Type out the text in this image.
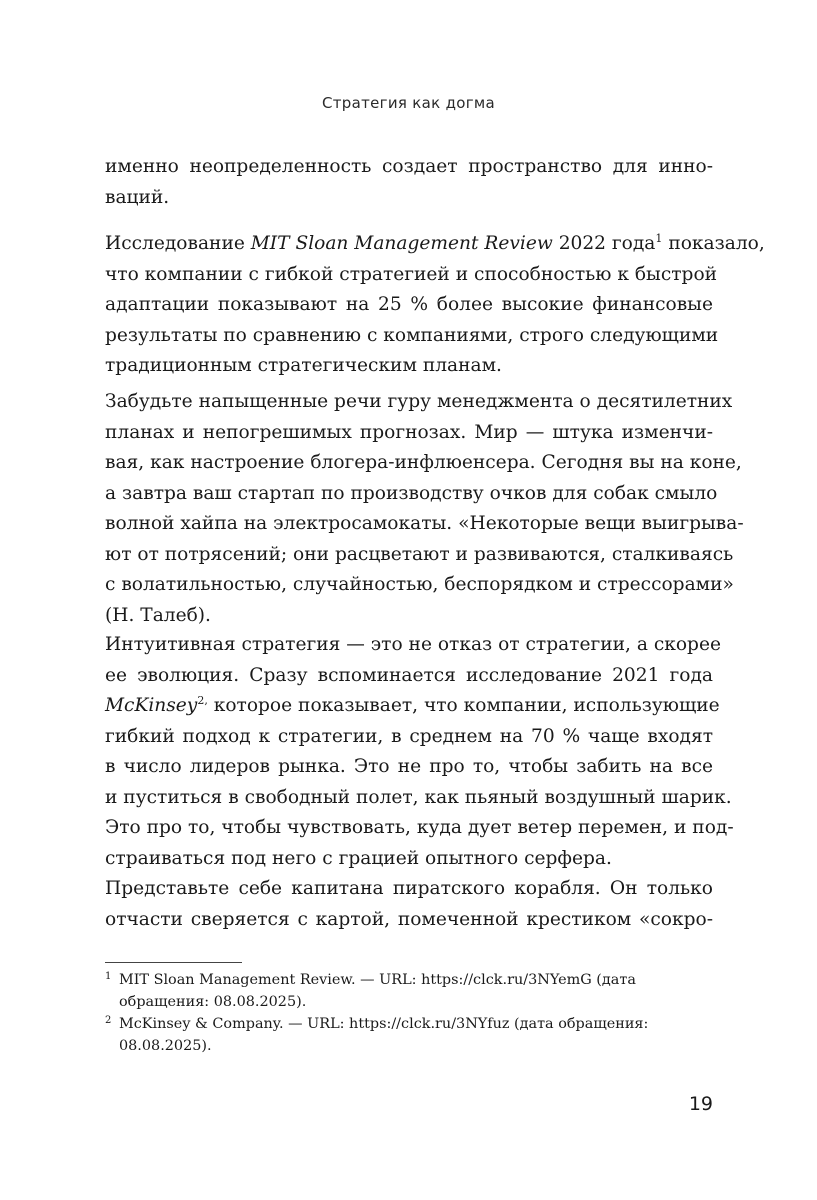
Стратегия как догма

именно неопределенность создает пространство для инно-
ваций.

Исследование MIT Sloan Management Review 2022 года$^1$ показало,
что компании с гибкой стратегией и способностью к быстрой
адаптации показывают на 25 % более высокие финансовые
результаты по сравнению с компаниями, строго следующими
традиционным стратегическим планам.

Забудьте напыщенные речи гуру менеджмента о десятилетних
планах и непогрешимых прогнозах. Мир — штука изменчи-
вая, как настроение блогера-инфлюенсера. Сегодня вы на коне,
а завтра ваш стартап по производству очков для собак смыло
волной хайпа на электросамокаты. «Некоторые вещи выигрыва-
ют от потрясений; они расцветают и развиваются, сталкиваясь
с волатильностью, случайностью, беспорядком и стрессорами»
(Н. Талеб).

Интуитивная стратегия — это не отказ от стратегии, а скорее
ее эволюция. Сразу вспоминается исследование 2021 года
McKinsey$^{2,}$ которое показывает, что компании, использующие
гибкий подход к стратегии, в среднем на 70 % чаще входят
в число лидеров рынка. Это не про то, чтобы забить на все
и пуститься в свободный полет, как пьяный воздушный шарик.
Это про то, чтобы чувствовать, куда дует ветер перемен, и под-
страиваться под него с грацией опытного серфера.

Представьте себе капитана пиратского корабля. Он только
отчасти сверяется с картой, помеченной крестиком «сокро-

1 MIT Sloan Management Review. — URL: https://clck.ru/3NYemG (дата обращения: 08.08.2025).

2 McKinsey & Company. — URL: https://clck.ru/3NYfuz (дата обращения: 08.08.2025).

19
